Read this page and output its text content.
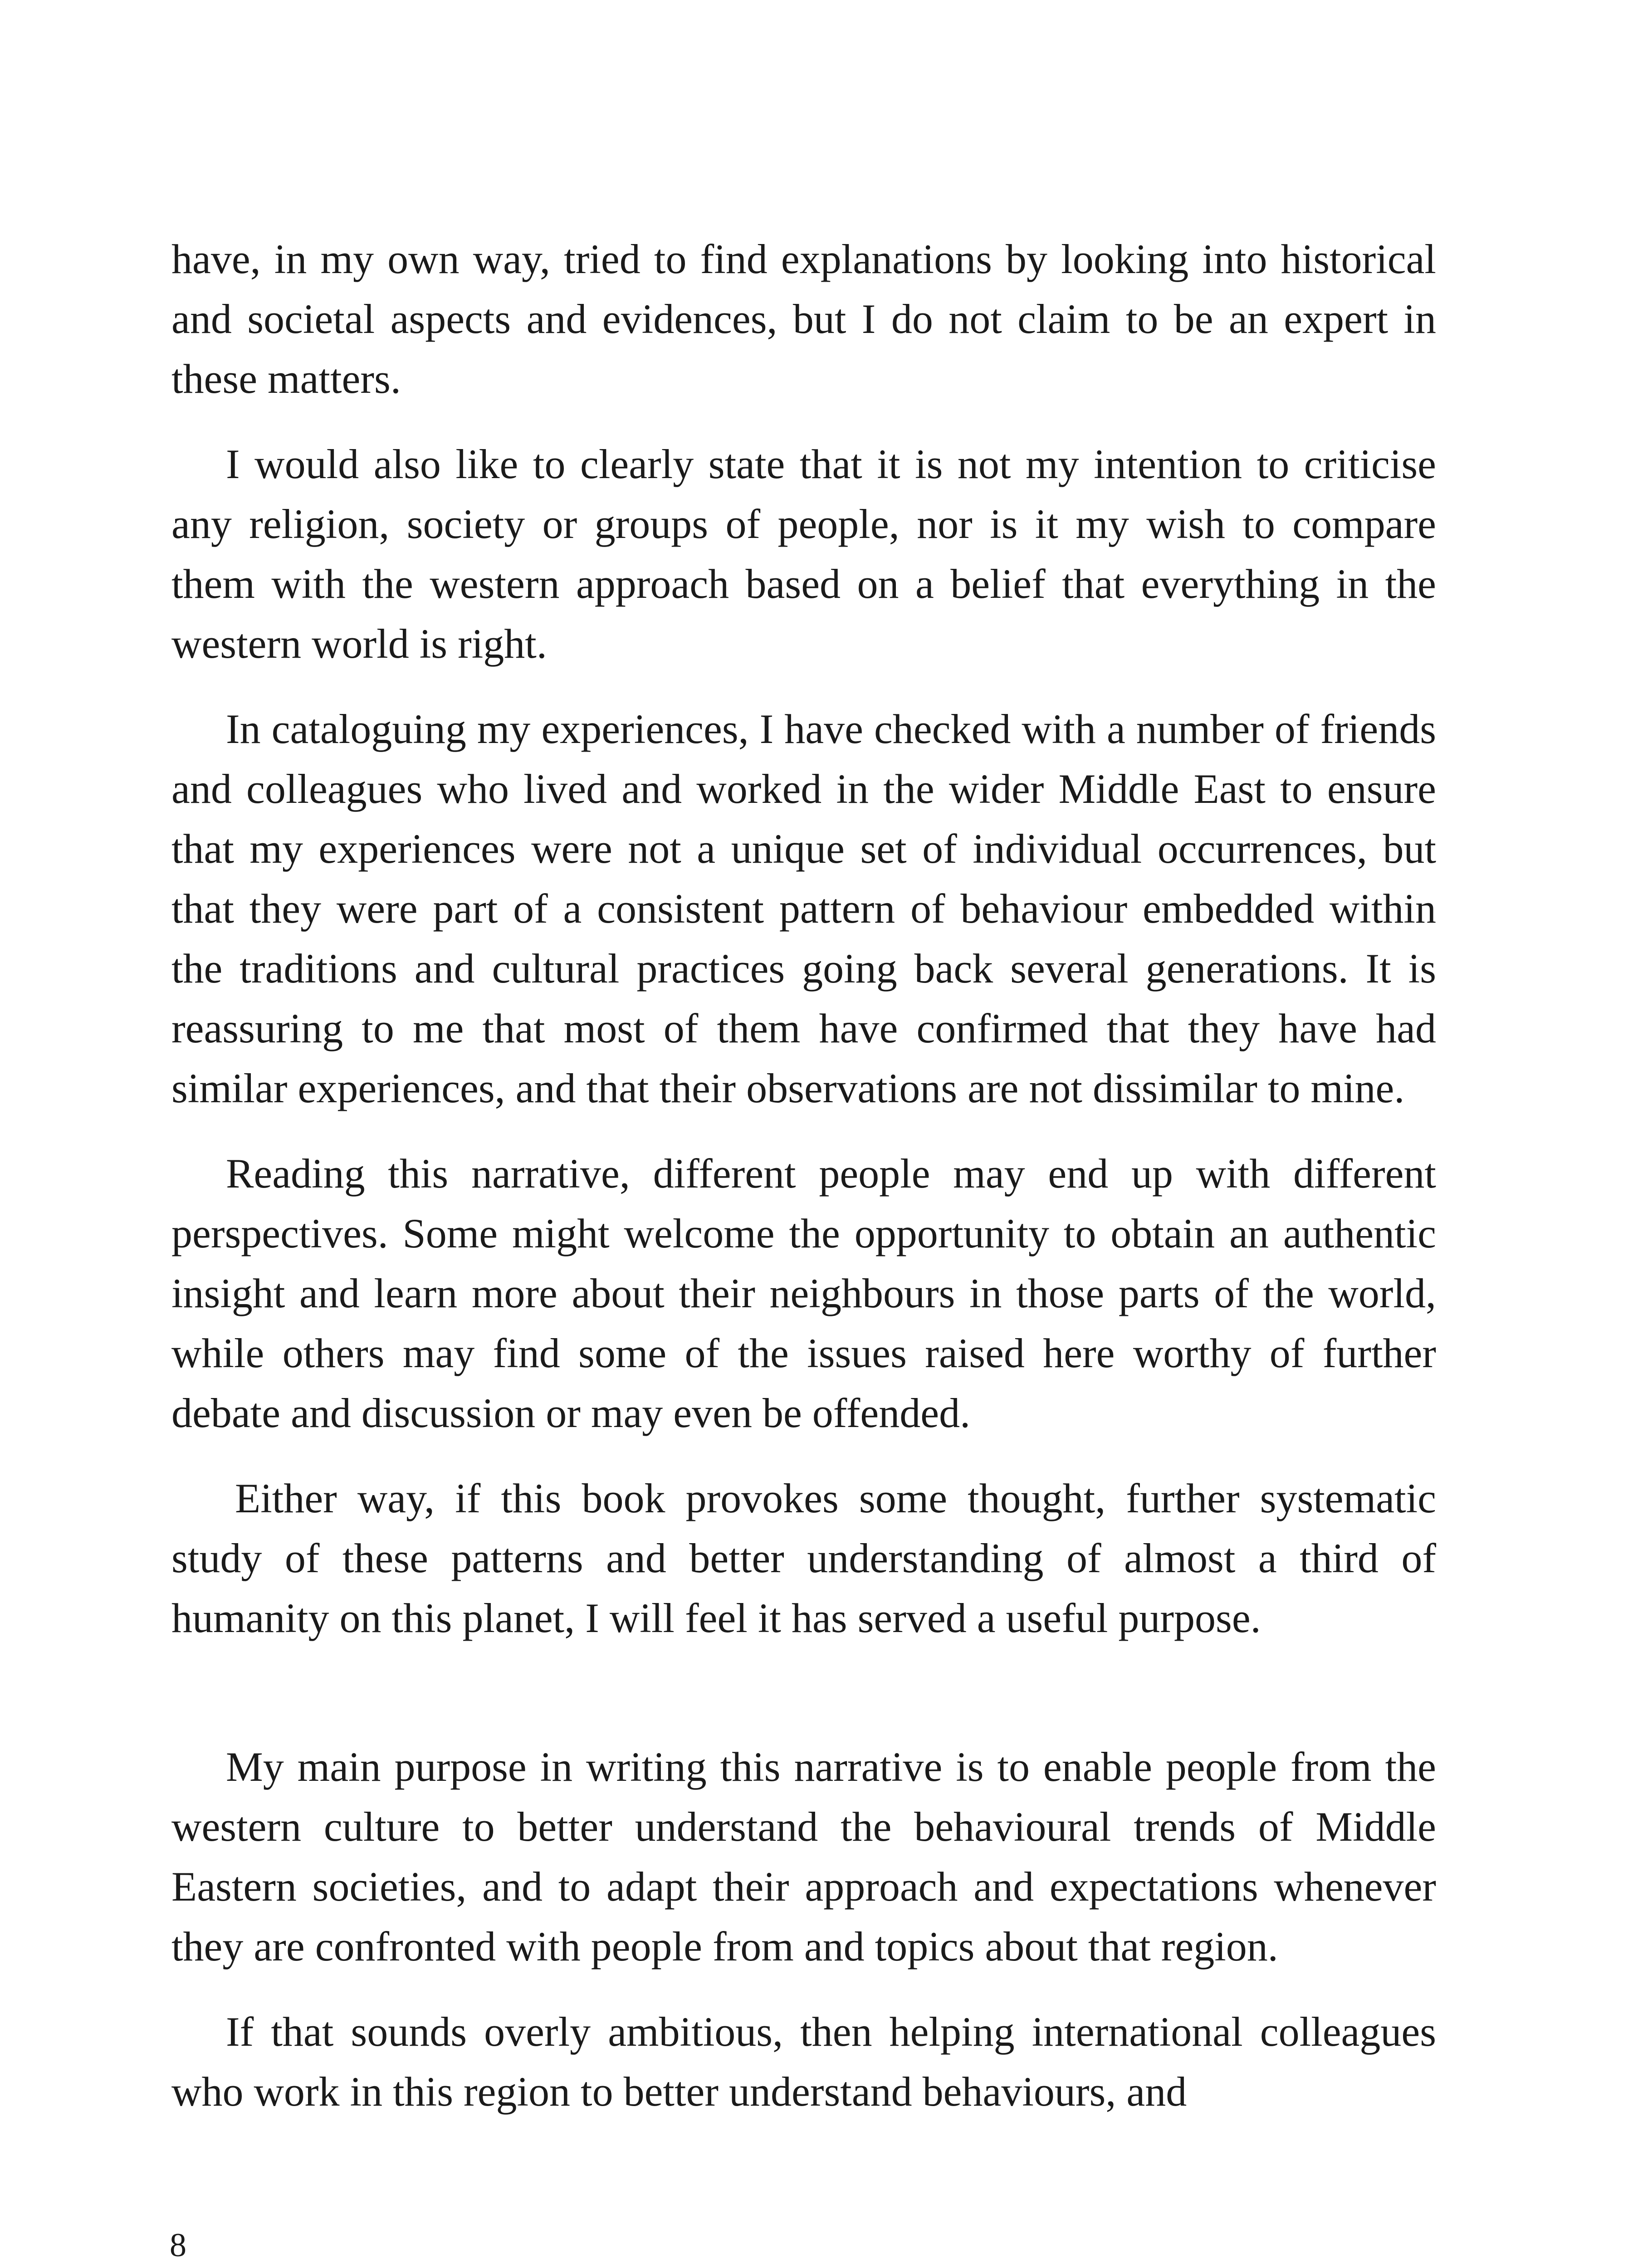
have, in my own way, tried to find explanations by looking into historical and societal aspects and evidences, but I do not claim to be an expert in these matters.

I would also like to clearly state that it is not my intention to criticise any religion, society or groups of people, nor is it my wish to compare them with the western approach based on a belief that everything in the western world is right.

In cataloguing my experiences, I have checked with a number of friends and colleagues who lived and worked in the wider Middle East to ensure that my experiences were not a unique set of individual occurrences, but that they were part of a consistent pattern of behaviour embedded within the traditions and cultural practices going back several generations. It is reassuring to me that most of them have confirmed that they have had similar experiences, and that their observations are not dissimilar to mine.

Reading this narrative, different people may end up with different perspectives. Some might welcome the opportunity to obtain an authentic insight and learn more about their neighbours in those parts of the world, while others may find some of the issues raised here worthy of further debate and discussion or may even be offended.

Either way, if this book provokes some thought, further systematic study of these patterns and better understanding of almost a third of humanity on this planet, I will feel it has served a useful purpose.

My main purpose in writing this narrative is to enable people from the western culture to better understand the behavioural trends of Middle Eastern societies, and to adapt their approach and expectations whenever they are confronted with people from and topics about that region.

If that sounds overly ambitious, then helping international colleagues who work in this region to better understand behaviours, and

8
